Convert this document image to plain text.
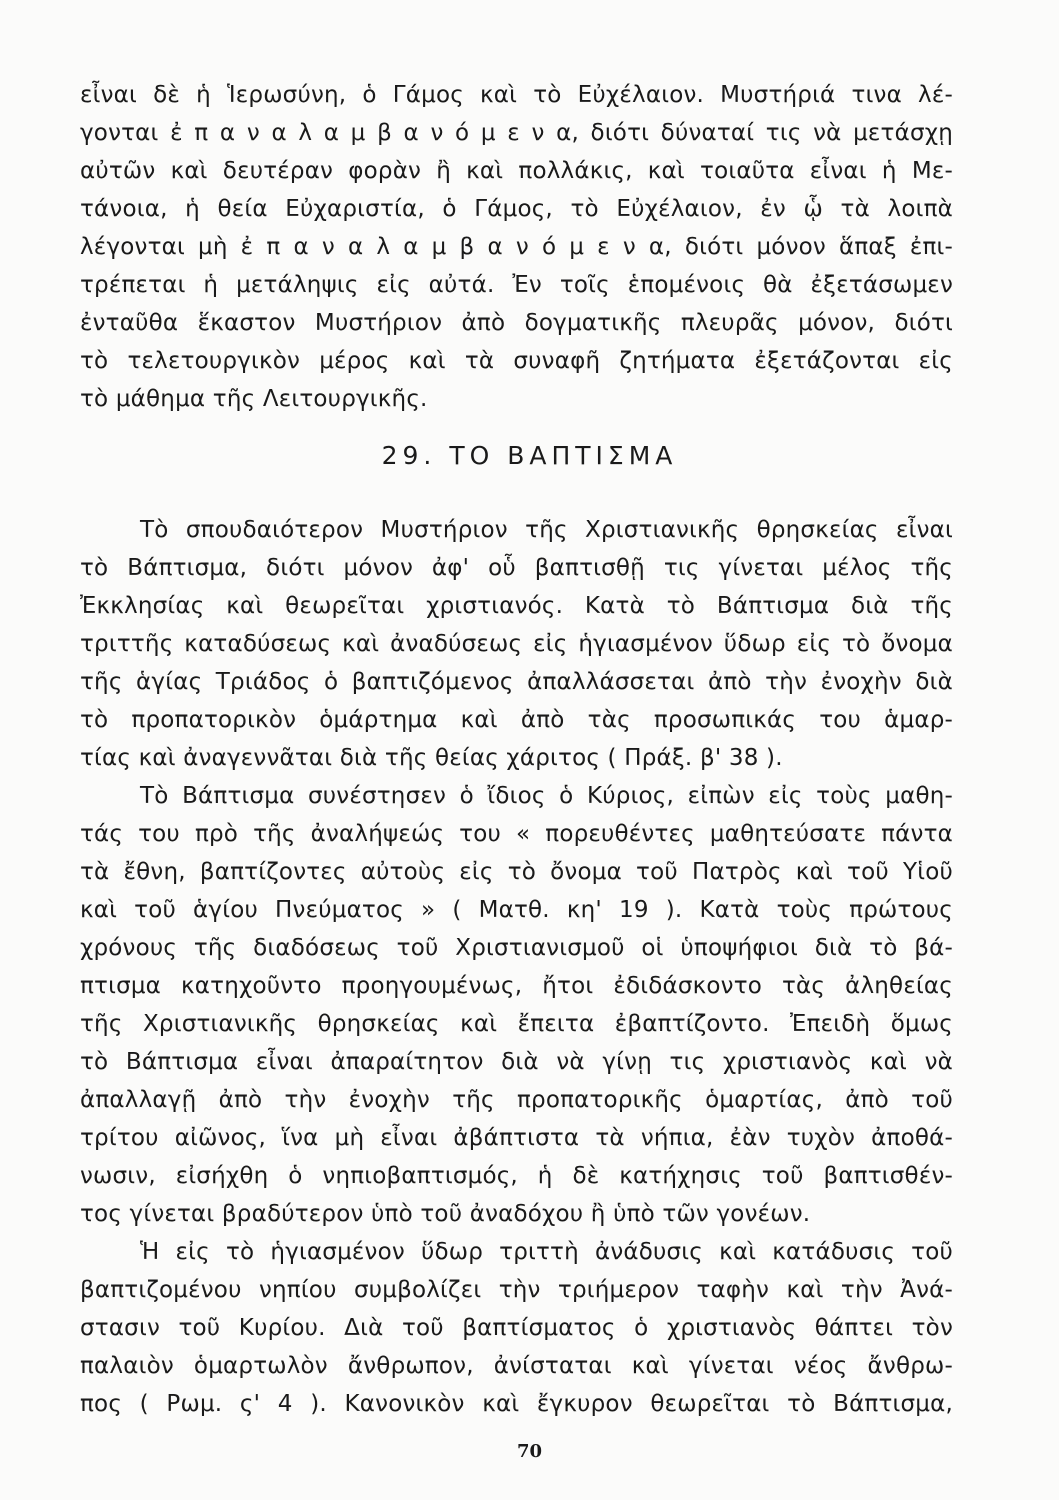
εἶναι δὲ ἡ Ἱερωσύνη, ὁ Γάμος καὶ τὸ Εὐχέλαιον. Μυστήριά τινα λέ-
γονται ἐ π α ν α λ α μ β α ν ό μ ε ν α, διότι δύναταί τις νὰ μετάσχῃ
αὐτῶν καὶ δευτέραν φορὰν ἢ καὶ πολλάκις, καὶ τοιαῦτα εἶναι ἡ Με-
τάνοια, ἡ θεία Εὐχαριστία, ὁ Γάμος, τὸ Εὐχέλαιον, ἐν ᾧ τὰ λοιπὰ
λέγονται μὴ ἐ π α ν α λ α μ β α ν ό μ ε ν α, διότι μόνον ἅπαξ ἐπι-
τρέπεται ἡ μετάληψις εἰς αὐτά. Ἐν τοῖς ἑπομένοις θὰ ἐξετάσωμεν
ἐνταῦθα ἕκαστον Μυστήριον ἀπὸ δογματικῆς πλευρᾶς μόνον, διότι
τὸ τελετουργικὸν μέρος καὶ τὰ συναφῆ ζητήματα ἐξετάζονται εἰς
τὸ μάθημα τῆς Λειτουργικῆς.
29. ΤΟ ΒΑΠΤΙΣΜΑ
Τὸ σπουδαιότερον Μυστήριον τῆς Χριστιανικῆς θρησκείας εἶναι
τὸ Βάπτισμα, διότι μόνον ἀφ' οὗ βαπτισθῇ τις γίνεται μέλος τῆς
Ἐκκλησίας καὶ θεωρεῖται χριστιανός. Κατὰ τὸ Βάπτισμα διὰ τῆς
τριττῆς καταδύσεως καὶ ἀναδύσεως εἰς ἡγιασμένον ὕδωρ εἰς τὸ ὄνομα
τῆς ἁγίας Τριάδος ὁ βαπτιζόμενος ἀπαλλάσσεται ἀπὸ τὴν ἐνοχὴν διὰ
τὸ προπατορικὸν ὁμάρτημα καὶ ἀπὸ τὰς προσωπικάς του ἁμαρ-
τίας καὶ ἀναγεννᾶται διὰ τῆς θείας χάριτος ( Πράξ. β' 38 ).
Τὸ Βάπτισμα συνέστησεν ὁ ἴδιος ὁ Κύριος, εἰπὼν εἰς τοὺς μαθη-
τάς του πρὸ τῆς ἀναλήψεώς του « πορευθέντες μαθητεύσατε πάντα
τὰ ἔθνη, βαπτίζοντες αὐτοὺς εἰς τὸ ὄνομα τοῦ Πατρὸς καὶ τοῦ Υἱοῦ
καὶ τοῦ ἁγίου Πνεύματος » ( Ματθ. κη' 19 ). Κατὰ τοὺς πρώτους
χρόνους τῆς διαδόσεως τοῦ Χριστιανισμοῦ οἱ ὑποψήφιοι διὰ τὸ βά-
πτισμα κατηχοῦντο προηγουμένως, ἤτοι ἐδιδάσκοντο τὰς ἀληθείας
τῆς Χριστιανικῆς θρησκείας καὶ ἔπειτα ἐβαπτίζοντο. Ἐπειδὴ ὅμως
τὸ Βάπτισμα εἶναι ἀπαραίτητον διὰ νὰ γίνῃ τις χριστιανὸς καὶ νὰ
ἀπαλλαγῇ ἀπὸ τὴν ἐνοχὴν τῆς προπατορικῆς ὁμαρτίας, ἀπὸ τοῦ
τρίτου αἰῶνος, ἵνα μὴ εἶναι ἀβάπτιστα τὰ νήπια, ἐὰν τυχὸν ἀποθά-
νωσιν, εἰσήχθη ὁ νηπιοβαπτισμός, ἡ δὲ κατήχησις τοῦ βαπτισθέν-
τος γίνεται βραδύτερον ὑπὸ τοῦ ἀναδόχου ἢ ὑπὸ τῶν γονέων.
Ἡ εἰς τὸ ἡγιασμένον ὕδωρ τριττὴ ἀνάδυσις καὶ κατάδυσις τοῦ
βαπτιζομένου νηπίου συμβολίζει τὴν τριήμερον ταφὴν καὶ τὴν Ἀνά-
στασιν τοῦ Κυρίου. Διὰ τοῦ βαπτίσματος ὁ χριστιανὸς θάπτει τὸν
παλαιὸν ὁμαρτωλὸν ἄνθρωπον, ἀνίσταται καὶ γίνεται νέος ἄνθρω-
πος ( Ρωμ. ς' 4 ). Κανονικὸν καὶ ἔγκυρον θεωρεῖται τὸ Βάπτισμα,
70
